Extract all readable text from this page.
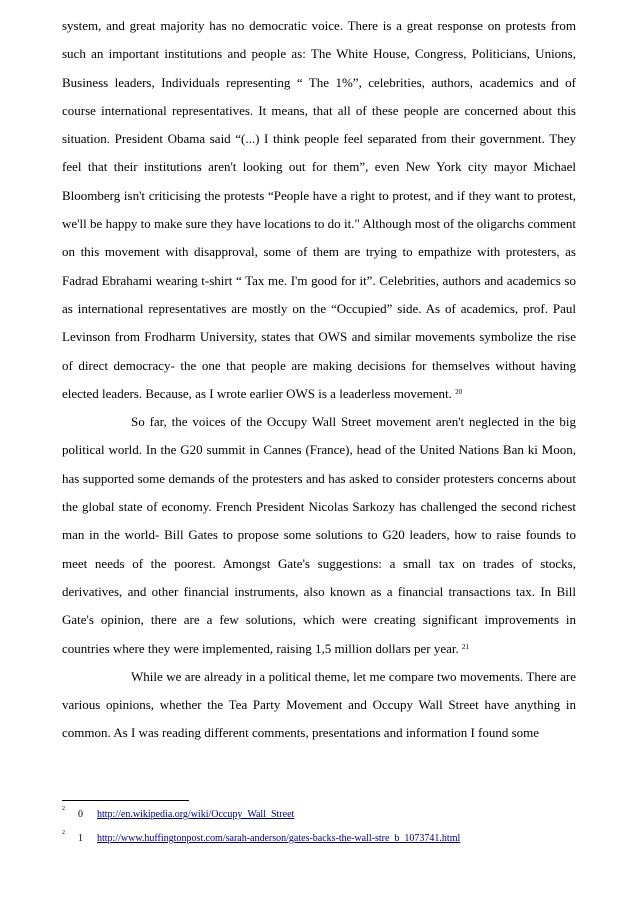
system, and great majority has no democratic voice. There is a great response on protests from such an important institutions and people as: The White House, Congress, Politicians, Unions, Business leaders, Individuals representing “ The 1%”, celebrities, authors, academics and of course international representatives. It means, that all of these people are concerned about this situation. President Obama said “(...) I think people feel separated from their government. They feel that their institutions aren't looking out for them”, even New York city mayor Michael Bloomberg isn't criticising the protests “People have a right to protest, and if they want to protest, we'll be happy to make sure they have locations to do it." Although most of the oligarchs comment on this movement with disapproval, some of them are trying to empathize with protesters, as Fadrad Ebrahami wearing t-shirt “ Tax me. I'm good for it”. Celebrities, authors and academics so as international representatives are mostly on the “Occupied” side. As of academics, prof. Paul Levinson from Frodharm University, states that OWS and similar movements symbolize the rise of direct democracy- the one that people are making decisions for themselves without having elected leaders. Because, as I wrote earlier OWS is a leaderless movement. $^{20}$

So far, the voices of the Occupy Wall Street movement aren't neglected in the big political world. In the G20 summit in Cannes (France), head of the United Nations Ban ki Moon, has supported some demands of the protesters and has asked to consider protesters concerns about the global state of economy. French President Nicolas Sarkozy has challenged the second richest man in the world- Bill Gates to propose some solutions to G20 leaders, how to raise founds to meet needs of the poorest. Amongst Gate's suggestions: a small tax on trades of stocks, derivatives, and other financial instruments, also known as a financial transactions tax. In Bill Gate's opinion, there are a few solutions, which were creating significant improvements in countries where they were implemented, raising 1,5 million dollars per year. $^{21}$

While we are already in a political theme, let me compare two movements. There are various opinions, whether the Tea Party Movement and Occupy Wall Street have anything in common. As I was reading different comments, presentations and information I found some

2 0	http://en.wikipedia.org/wiki/Occupy_Wall_Street
2 1	http://www.huffingtonpost.com/sarah-anderson/gates-backs-the-wall-stre_b_1073741.html
